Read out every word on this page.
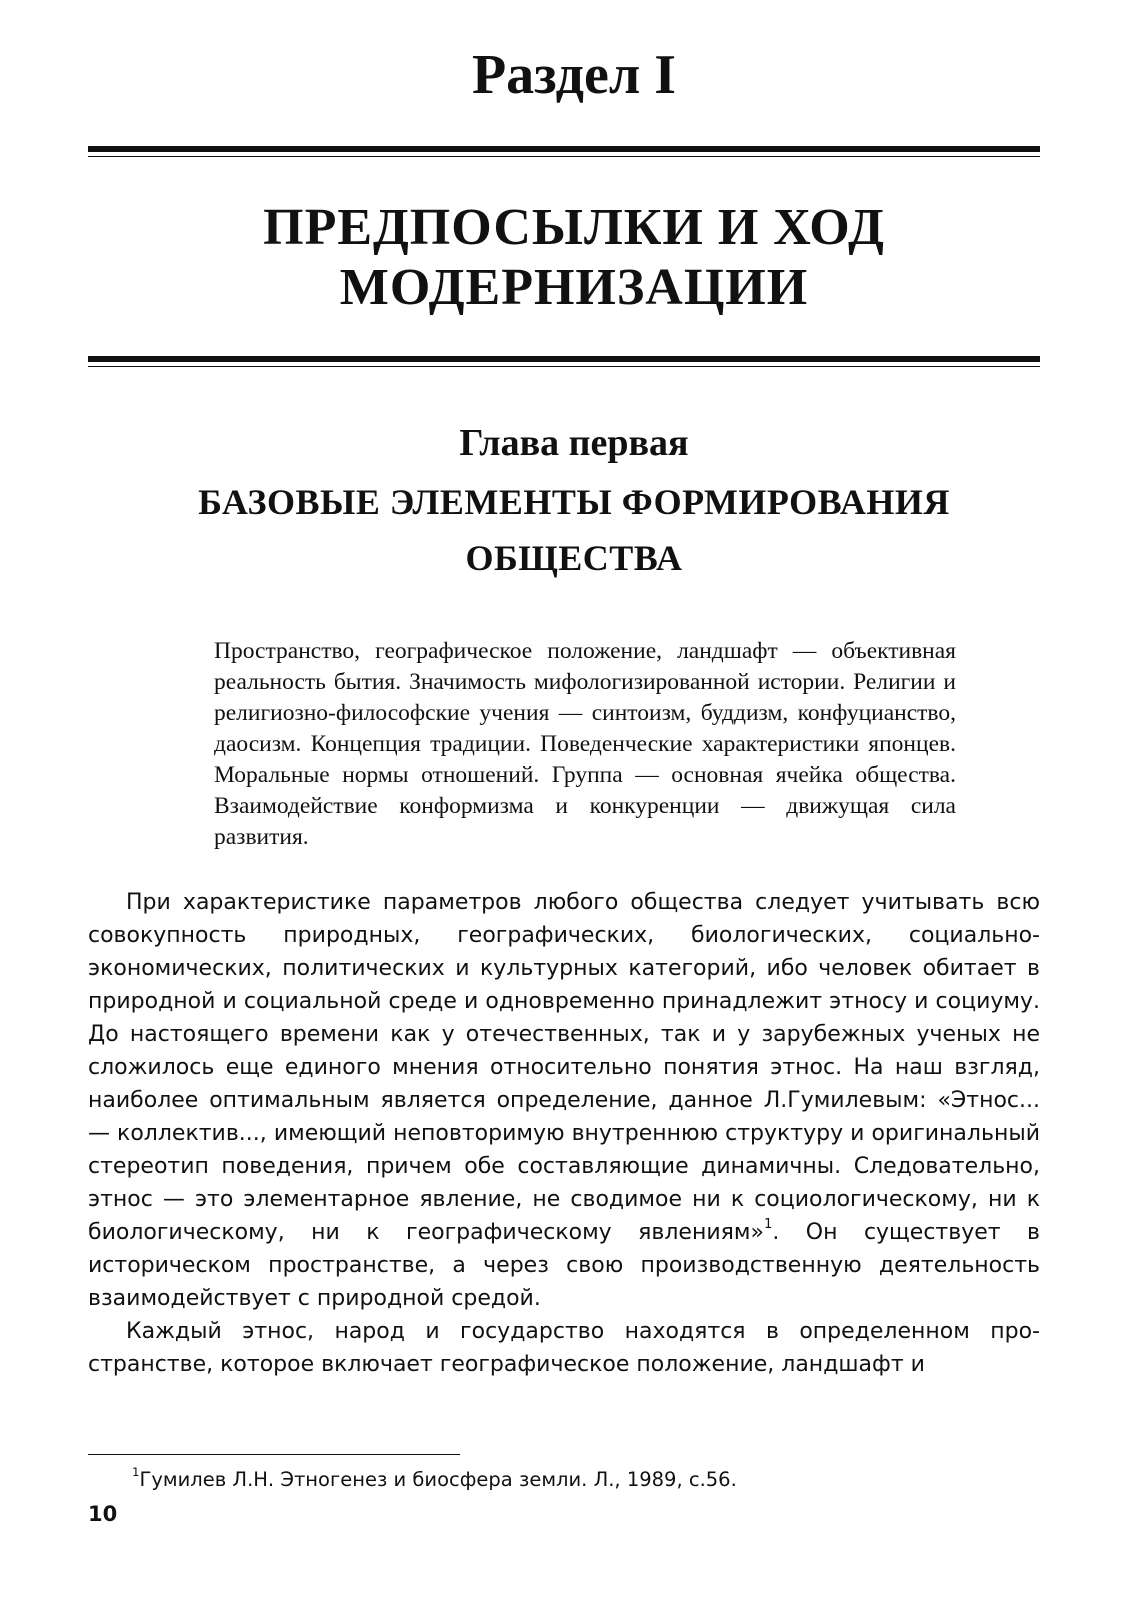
Раздел I
ПРЕДПОСЫЛКИ И ХОД
МОДЕРНИЗАЦИИ
Глава первая
БАЗОВЫЕ ЭЛЕМЕНТЫ ФОРМИРОВАНИЯ
ОБЩЕСТВА

Пространство, географическое положение, ландшафт — объективная реальность бытия. Значимость мифологизированной истории. Религии и религиозно-философские учения — синтоизм, буддизм, конфуцианство, даосизм. Концепция традиции. Поведенческие характеристики японцев. Моральные нормы отношений. Группа — основная ячейка общества. Взаимодействие конформизма и конкуренции — движущая сила развития.

При характеристике параметров любого общества следует учитывать всю совокупность природных, географических, биологических, социально-экономических, политических и культурных категорий, ибо человек обитает в природной и социальной среде и одновременно принадлежит этносу и социуму. До настоящего времени как у отечественных, так и у зарубежных ученых не сложилось еще единого мнения относительно понятия этнос. На наш взгляд, наиболее оптимальным является определение, данное Л.Гумилевым: «Этнос... — коллектив..., имеющий неповторимую внутреннюю структуру и оригинальный стереотип поведения, причем обе составляющие динамичны. Следовательно, этнос — это элементарное явление, не сводимое ни к социологическому, ни к биологическому, ни к географическому явлениям»$^1$. Он существует в историческом пространстве, а через свою производственную деятельность взаимодействует с природной средой.

Каждый этнос, народ и государство находятся в определенном пространстве, которое включает географическое положение, ландшафт и

$^1$Гумилев Л.Н. Этногенез и биосфера земли. Л., 1989, с.56.

10
